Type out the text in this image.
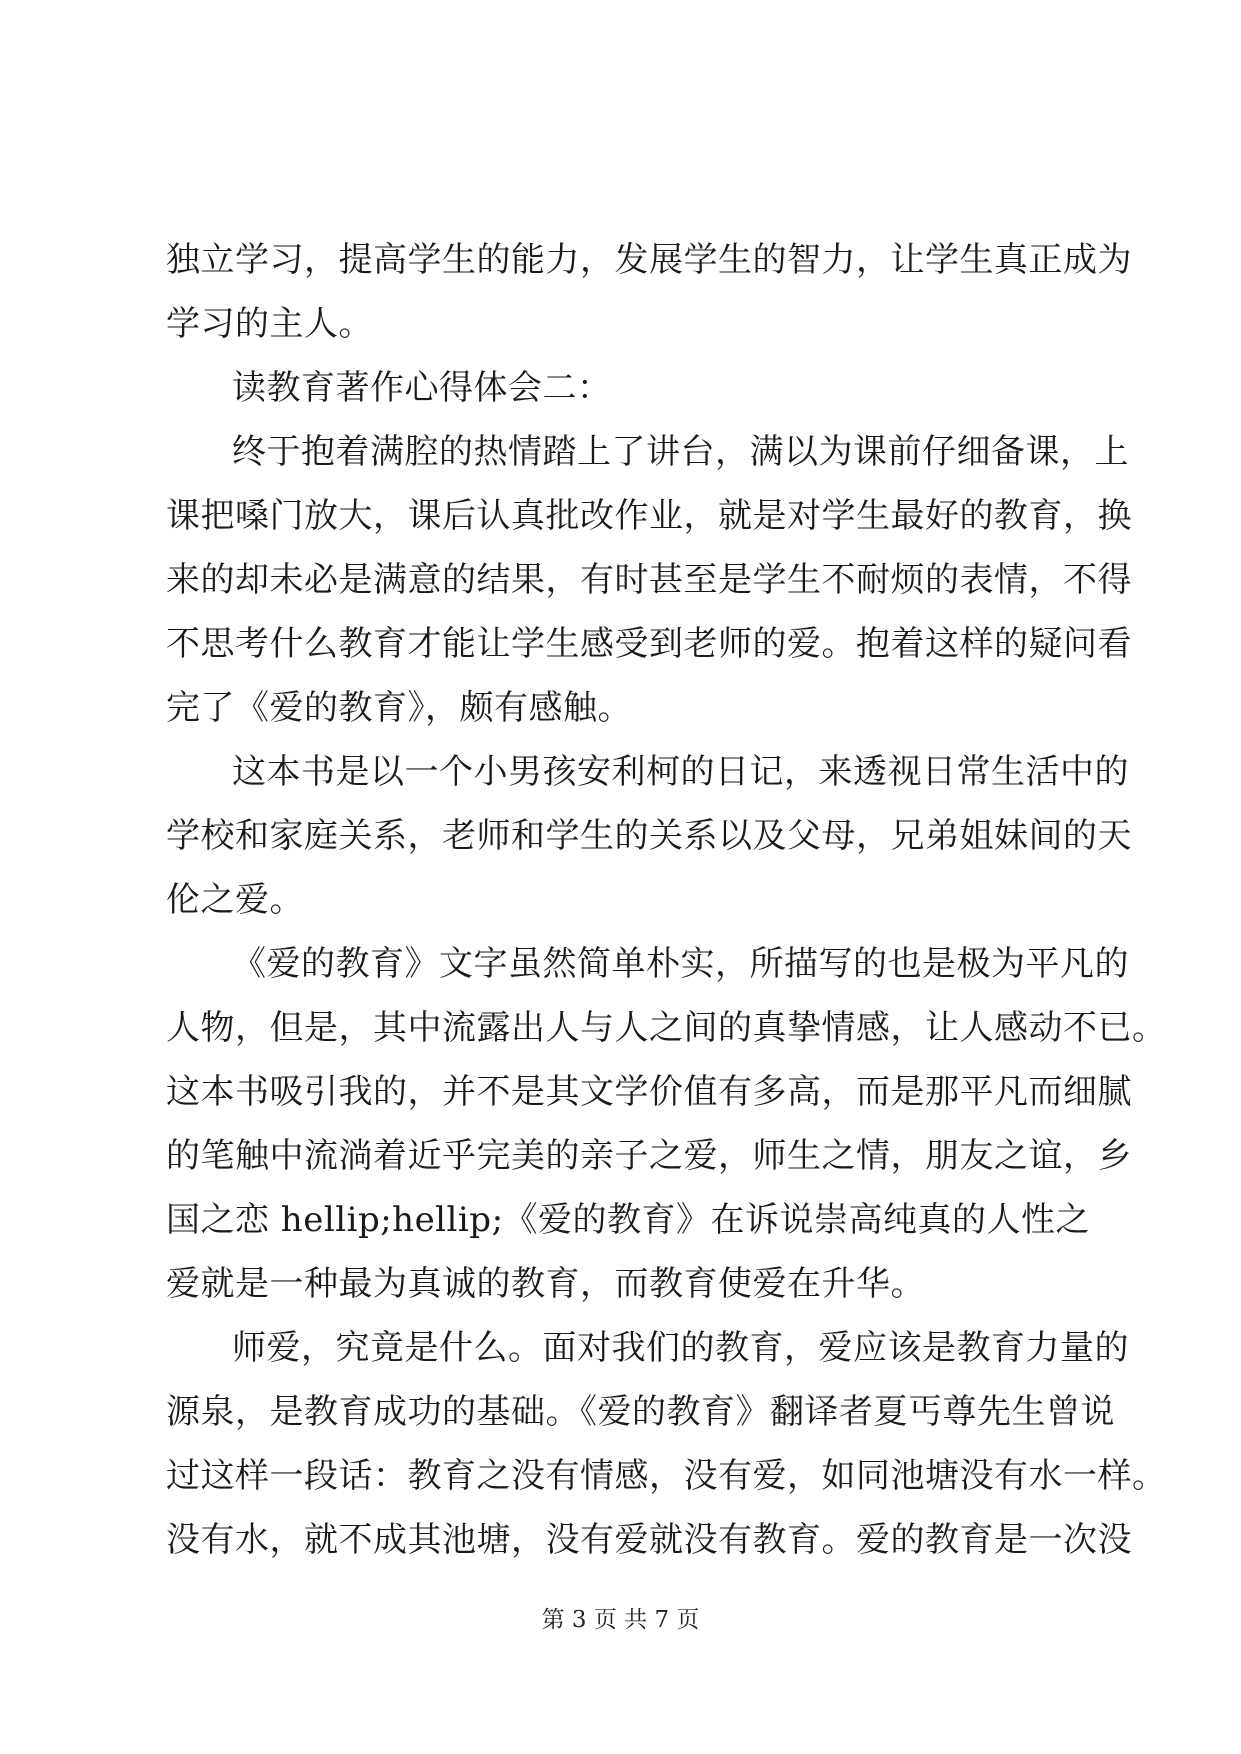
独立学习，提高学生的能力，发展学生的智力，让学生真正成为
学习的主人。
读教育著作心得体会二：
终于抱着满腔的热情踏上了讲台，满以为课前仔细备课，上
课把嗓门放大，课后认真批改作业，就是对学生最好的教育，换
来的却未必是满意的结果，有时甚至是学生不耐烦的表情，不得
不思考什么教育才能让学生感受到老师的爱。抱着这样的疑问看
完了《爱的教育》，颇有感触。
这本书是以一个小男孩安利柯的日记，来透视日常生活中的
学校和家庭关系，老师和学生的关系以及父母，兄弟姐妹间的天
伦之爱。
《爱的教育》文字虽然简单朴实，所描写的也是极为平凡的
人物，但是，其中流露出人与人之间的真挚情感，让人感动不已。
这本书吸引我的，并不是其文学价值有多高，而是那平凡而细腻
的笔触中流淌着近乎完美的亲子之爱，师生之情，朋友之谊，乡
国之恋 hellip;hellip;《爱的教育》在诉说崇高纯真的人性之
爱就是一种最为真诚的教育，而教育使爱在升华。
师爱，究竟是什么。面对我们的教育，爱应该是教育力量的
源泉，是教育成功的基础。《爱的教育》翻译者夏丐尊先生曾说
过这样一段话：教育之没有情感，没有爱，如同池塘没有水一样。
没有水，就不成其池塘，没有爱就没有教育。爱的教育是一次没
第 3 页 共 7 页
